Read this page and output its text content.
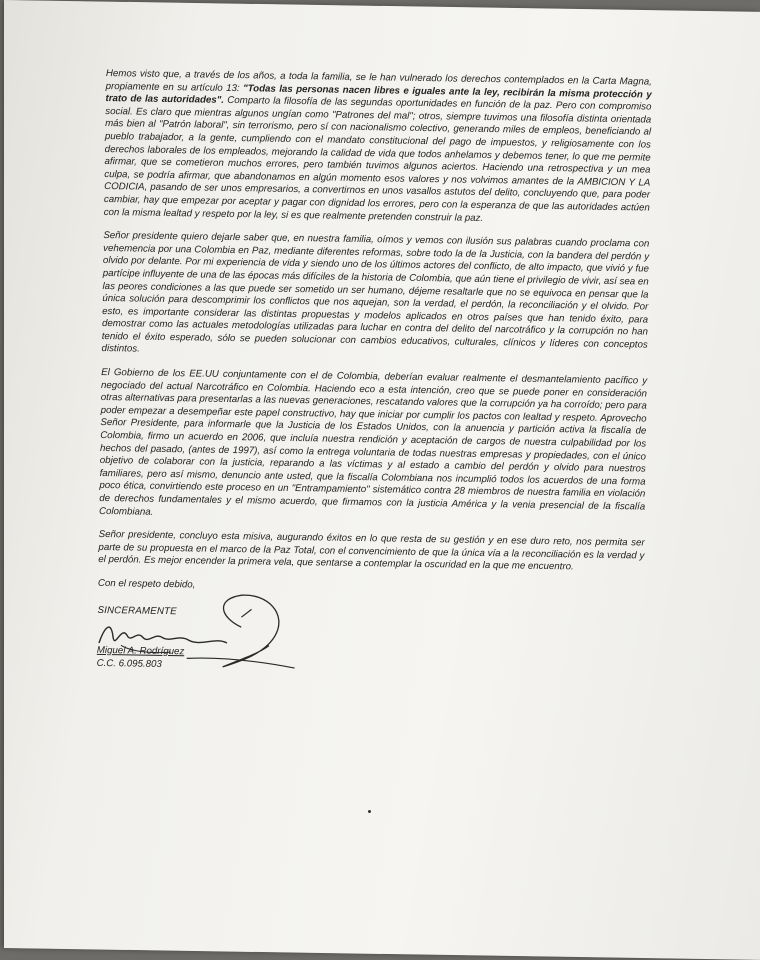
Hemos visto que, a través de los años, a toda la familia, se le han vulnerado los derechos contemplados en la Carta Magna, propiamente en su artículo 13: "Todas las personas nacen libres e iguales ante la ley, recibirán la misma protección y trato de las autoridades". Comparto la filosofía de las segundas oportunidades en función de la paz. Pero con compromiso social. Es claro que mientras algunos ungían como "Patrones del mal"; otros, siempre tuvimos una filosofía distinta orientada más bien al "Patrón laboral", sin terrorismo, pero sí con nacionalismo colectivo, generando miles de empleos, beneficiando al pueblo trabajador, a la gente, cumpliendo con el mandato constitucional del pago de impuestos, y religiosamente con los derechos laborales de los empleados, mejorando la calidad de vida que todos anhelamos y debemos tener, lo que me permite afirmar, que se cometieron muchos errores, pero también tuvimos algunos aciertos. Haciendo una retrospectiva y un mea culpa, se podría afirmar, que abandonamos en algún momento esos valores y nos volvimos amantes de la AMBICION Y LA CODICIA, pasando de ser unos empresarios, a convertirnos en unos vasallos astutos del delito, concluyendo que, para poder cambiar, hay que empezar por aceptar y pagar con dignidad los errores, pero con la esperanza de que las autoridades actúen con la misma lealtad y respeto por la ley, si es que realmente pretenden construir la paz.

Señor presidente quiero dejarle saber que, en nuestra familia, oímos y vemos con ilusión sus palabras cuando proclama con vehemencia por una Colombia en Paz, mediante diferentes reformas, sobre todo la de la Justicia, con la bandera del perdón y olvido por delante. Por mi experiencia de vida y siendo uno de los últimos actores del conflicto, de alto impacto, que vivió y fue partícipe influyente de una de las épocas más difíciles de la historia de Colombia, que aún tiene el privilegio de vivir, así sea en las peores condiciones a las que puede ser sometido un ser humano, déjeme resaltarle que no se equivoca en pensar que la única solución para descomprimir los conflictos que nos aquejan, son la verdad, el perdón, la reconciliación y el olvido. Por esto, es importante considerar las distintas propuestas y modelos aplicados en otros países que han tenido éxito, para demostrar como las actuales metodologías utilizadas para luchar en contra del delito del narcotráfico y la corrupción no han tenido el éxito esperado, sólo se pueden solucionar con cambios educativos, culturales, clínicos y líderes con conceptos distintos.

El Gobierno de los EE.UU conjuntamente con el de Colombia, deberían evaluar realmente el desmantelamiento pacífico y negociado del actual Narcotráfico en Colombia. Haciendo eco a esta intención, creo que se puede poner en consideración otras alternativas para presentarlas a las nuevas generaciones, rescatando valores que la corrupción ya ha corroído; pero para poder empezar a desempeñar este papel constructivo, hay que iniciar por cumplir los pactos con lealtad y respeto. Aprovecho Señor Presidente, para informarle que la Justicia de los Estados Unidos, con la anuencia y partición activa la fiscalía de Colombia, firmo un acuerdo en 2006, que incluía nuestra rendición y aceptación de cargos de nuestra culpabilidad por los hechos del pasado, (antes de 1997), así como la entrega voluntaria de todas nuestras empresas y propiedades, con el único objetivo de colaborar con la justicia, reparando a las víctimas y al estado a cambio del perdón y olvido para nuestros familiares, pero así mismo, denuncio ante usted, que la fiscalía Colombiana nos incumplió todos los acuerdos de una forma poco ética, convirtiendo este proceso en un "Entrampamiento" sistemático contra 28 miembros de nuestra familia en violación de derechos fundamentales y el mismo acuerdo, que firmamos con la justicia América y la venia presencial de la fiscalía Colombiana.

Señor presidente, concluyo esta misiva, augurando éxitos en lo que resta de su gestión y en ese duro reto, nos permita ser parte de su propuesta en el marco de la Paz Total, con el convencimiento de que la única vía a la reconciliación es la verdad y el perdón. Es mejor encender la primera vela, que sentarse a contemplar la oscuridad en la que me encuentro.

Con el respeto debido,

SINCERAMENTE
Miguel A. Rodríguez
C.C. 6.095.803
